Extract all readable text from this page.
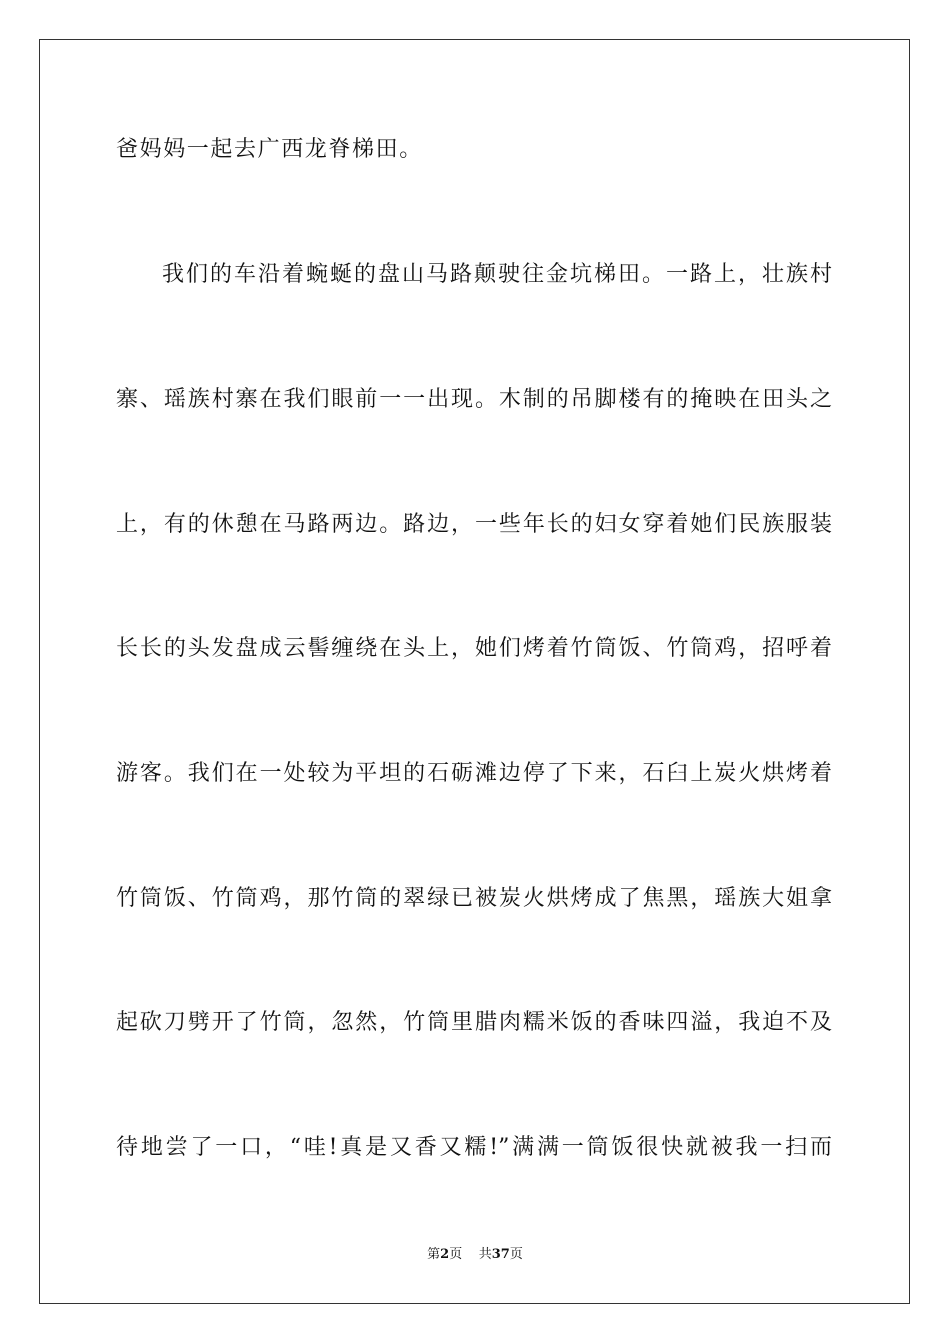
爸妈妈一起去广西龙脊梯田。
我们的车沿着蜿蜒的盘山马路颠驶往金坑梯田。一路上，壮族村
寨、瑶族村寨在我们眼前一一出现。木制的吊脚楼有的掩映在田头之
上，有的休憩在马路两边。路边，一些年长的妇女穿着她们民族服装
长长的头发盘成云髻缠绕在头上，她们烤着竹筒饭、竹筒鸡，招呼着
游客。我们在一处较为平坦的石砺滩边停了下来，石臼上炭火烘烤着
竹筒饭、竹筒鸡，那竹筒的翠绿已被炭火烘烤成了焦黑，瑶族大姐拿
起砍刀劈开了竹筒，忽然，竹筒里腊肉糯米饭的香味四溢，我迫不及
待地尝了一口，“哇!真是又香又糯!”满满一筒饭很快就被我一扫而
第2页 共37页
